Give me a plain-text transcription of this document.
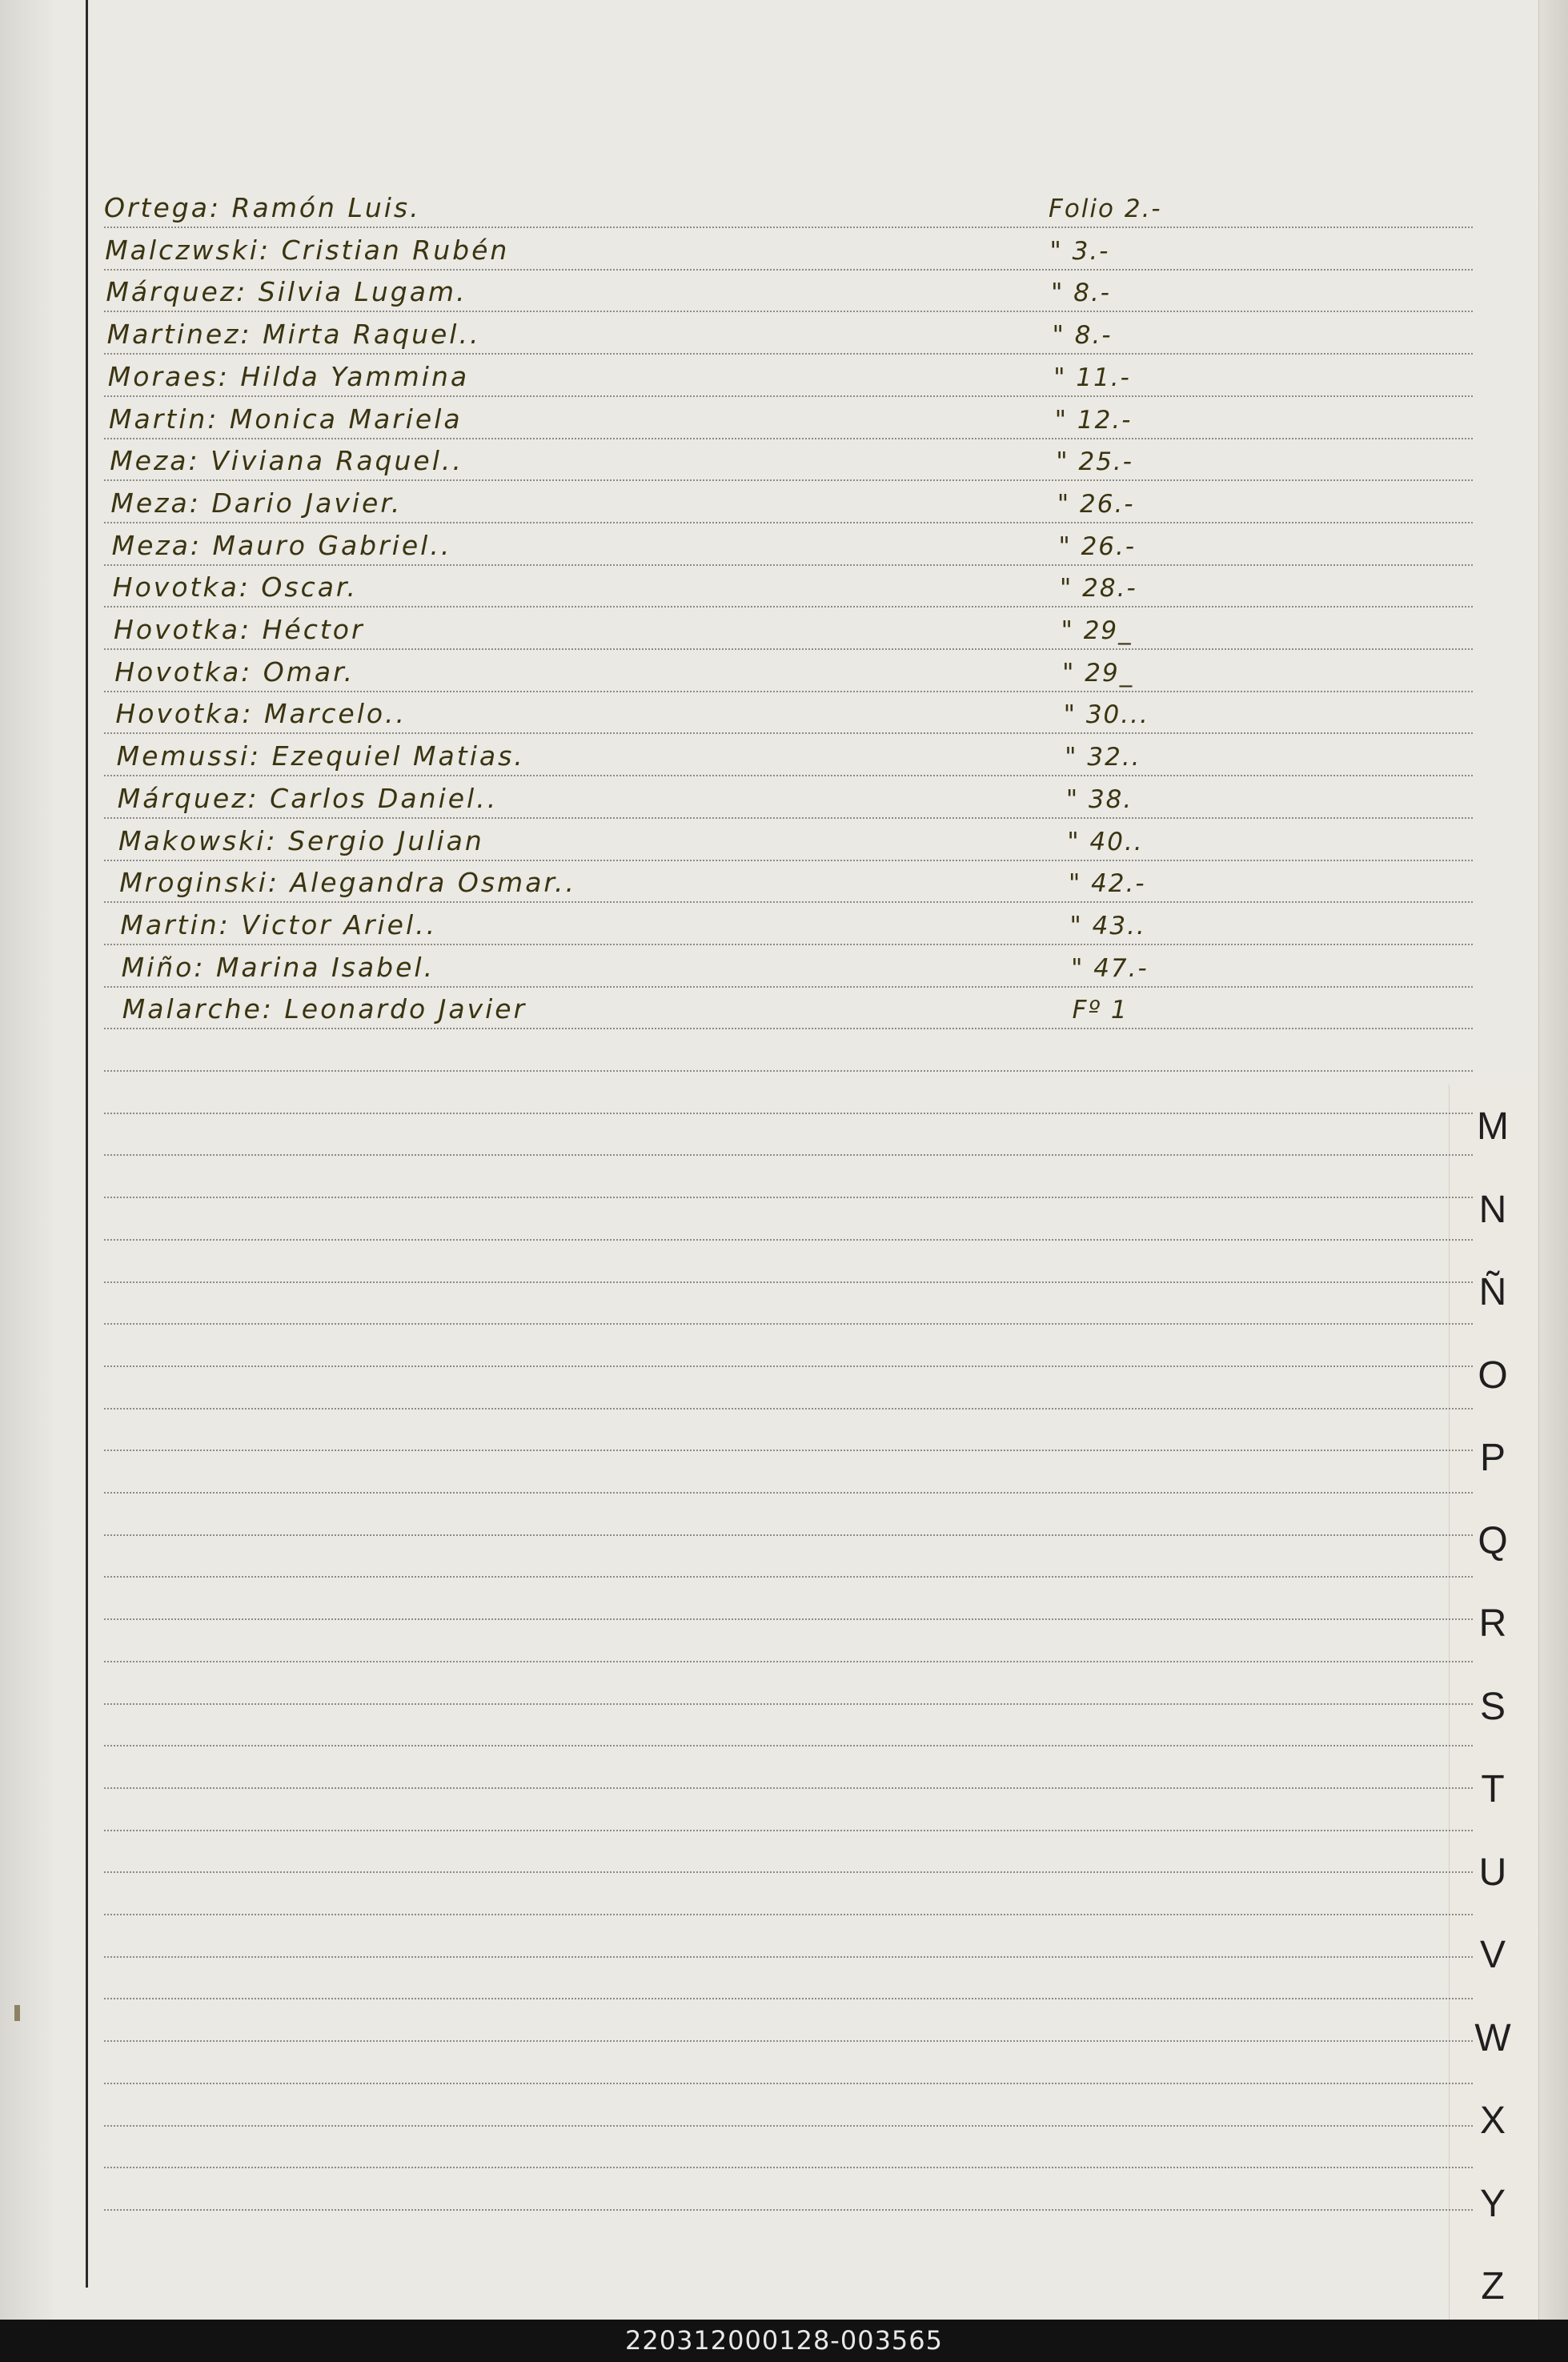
Ortega: Ramón Luis.	Folio 2.-
Malczwski: Cristian Rubén	" 3.-
Márquez: Silvia Lugam.	" 8.-
Martinez: Mirta Raquel..	" 8.-
Moraes: Hilda Yammina	" 11.-
Martin: Monica Mariela	" 12.-
Meza: Viviana Raquel..	" 25.-
Meza: Dario Javier.	" 26.-
Meza: Mauro Gabriel..	" 26.-
Hovotka: Oscar.	" 28.-
Hovotka: Héctor	" 29_
Hovotka: Omar.	" 29_
Hovotka: Marcelo..	" 30...
Memussi: Ezequiel Matias.	" 32..
Márquez: Carlos Daniel..	" 38.
Makowski: Sergio Julian	" 40..
Mroginski: Alegandra Osmar..	" 42.-
Martin: Victor Ariel..	" 43..
Miño: Marina Isabel.	" 47.-
Malarche: Leonardo Javier	Fº 1
M
N
Ñ
O
P
Q
R
S
T
U
V
W
X
Y
Z
220312000128-003565
